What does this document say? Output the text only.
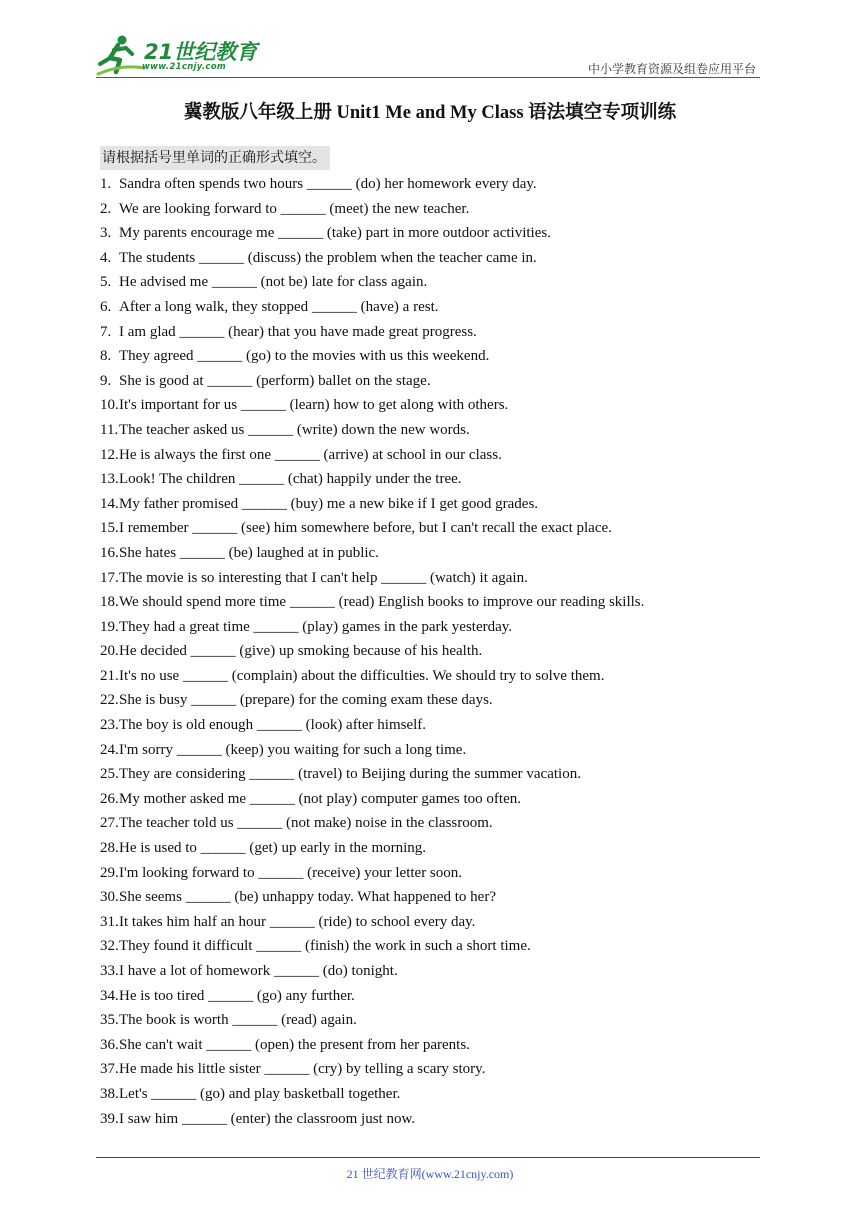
21世纪教育
www.21cnjy.com	中小学教育资源及组卷应用平台
冀教版八年级上册 Unit1 Me and My Class 语法填空专项训练
请根据括号里单词的正确形式填空。
1. Sandra often spends two hours ______ (do) her homework every day.
2. We are looking forward to ______ (meet) the new teacher.
3. My parents encourage me ______ (take) part in more outdoor activities.
4. The students ______ (discuss) the problem when the teacher came in.
5. He advised me ______ (not be) late for class again.
6. After a long walk, they stopped ______ (have) a rest.
7. I am glad ______ (hear) that you have made great progress.
8. They agreed ______ (go) to the movies with us this weekend.
9. She is good at ______ (perform) ballet on the stage.
10.It's important for us ______ (learn) how to get along with others.
11.The teacher asked us ______ (write) down the new words.
12.He is always the first one ______ (arrive) at school in our class.
13.Look! The children ______ (chat) happily under the tree.
14.My father promised ______ (buy) me a new bike if I get good grades.
15.I remember ______ (see) him somewhere before, but I can't recall the exact place.
16.She hates ______ (be) laughed at in public.
17.The movie is so interesting that I can't help ______ (watch) it again.
18.We should spend more time ______ (read) English books to improve our reading skills.
19.They had a great time ______ (play) games in the park yesterday.
20.He decided ______ (give) up smoking because of his health.
21.It's no use ______ (complain) about the difficulties. We should try to solve them.
22.She is busy ______ (prepare) for the coming exam these days.
23.The boy is old enough ______ (look) after himself.
24.I'm sorry ______ (keep) you waiting for such a long time.
25.They are considering ______ (travel) to Beijing during the summer vacation.
26.My mother asked me ______ (not play) computer games too often.
27.The teacher told us ______ (not make) noise in the classroom.
28.He is used to ______ (get) up early in the morning.
29.I'm looking forward to ______ (receive) your letter soon.
30.She seems ______ (be) unhappy today. What happened to her?
31.It takes him half an hour ______ (ride) to school every day.
32.They found it difficult ______ (finish) the work in such a short time.
33.I have a lot of homework ______ (do) tonight.
34.He is too tired ______ (go) any further.
35.The book is worth ______ (read) again.
36.She can't wait ______ (open) the present from her parents.
37.He made his little sister ______ (cry) by telling a scary story.
38.Let's ______ (go) and play basketball together.
39.I saw him ______ (enter) the classroom just now.
21 世纪教育网(www.21cnjy.com)
